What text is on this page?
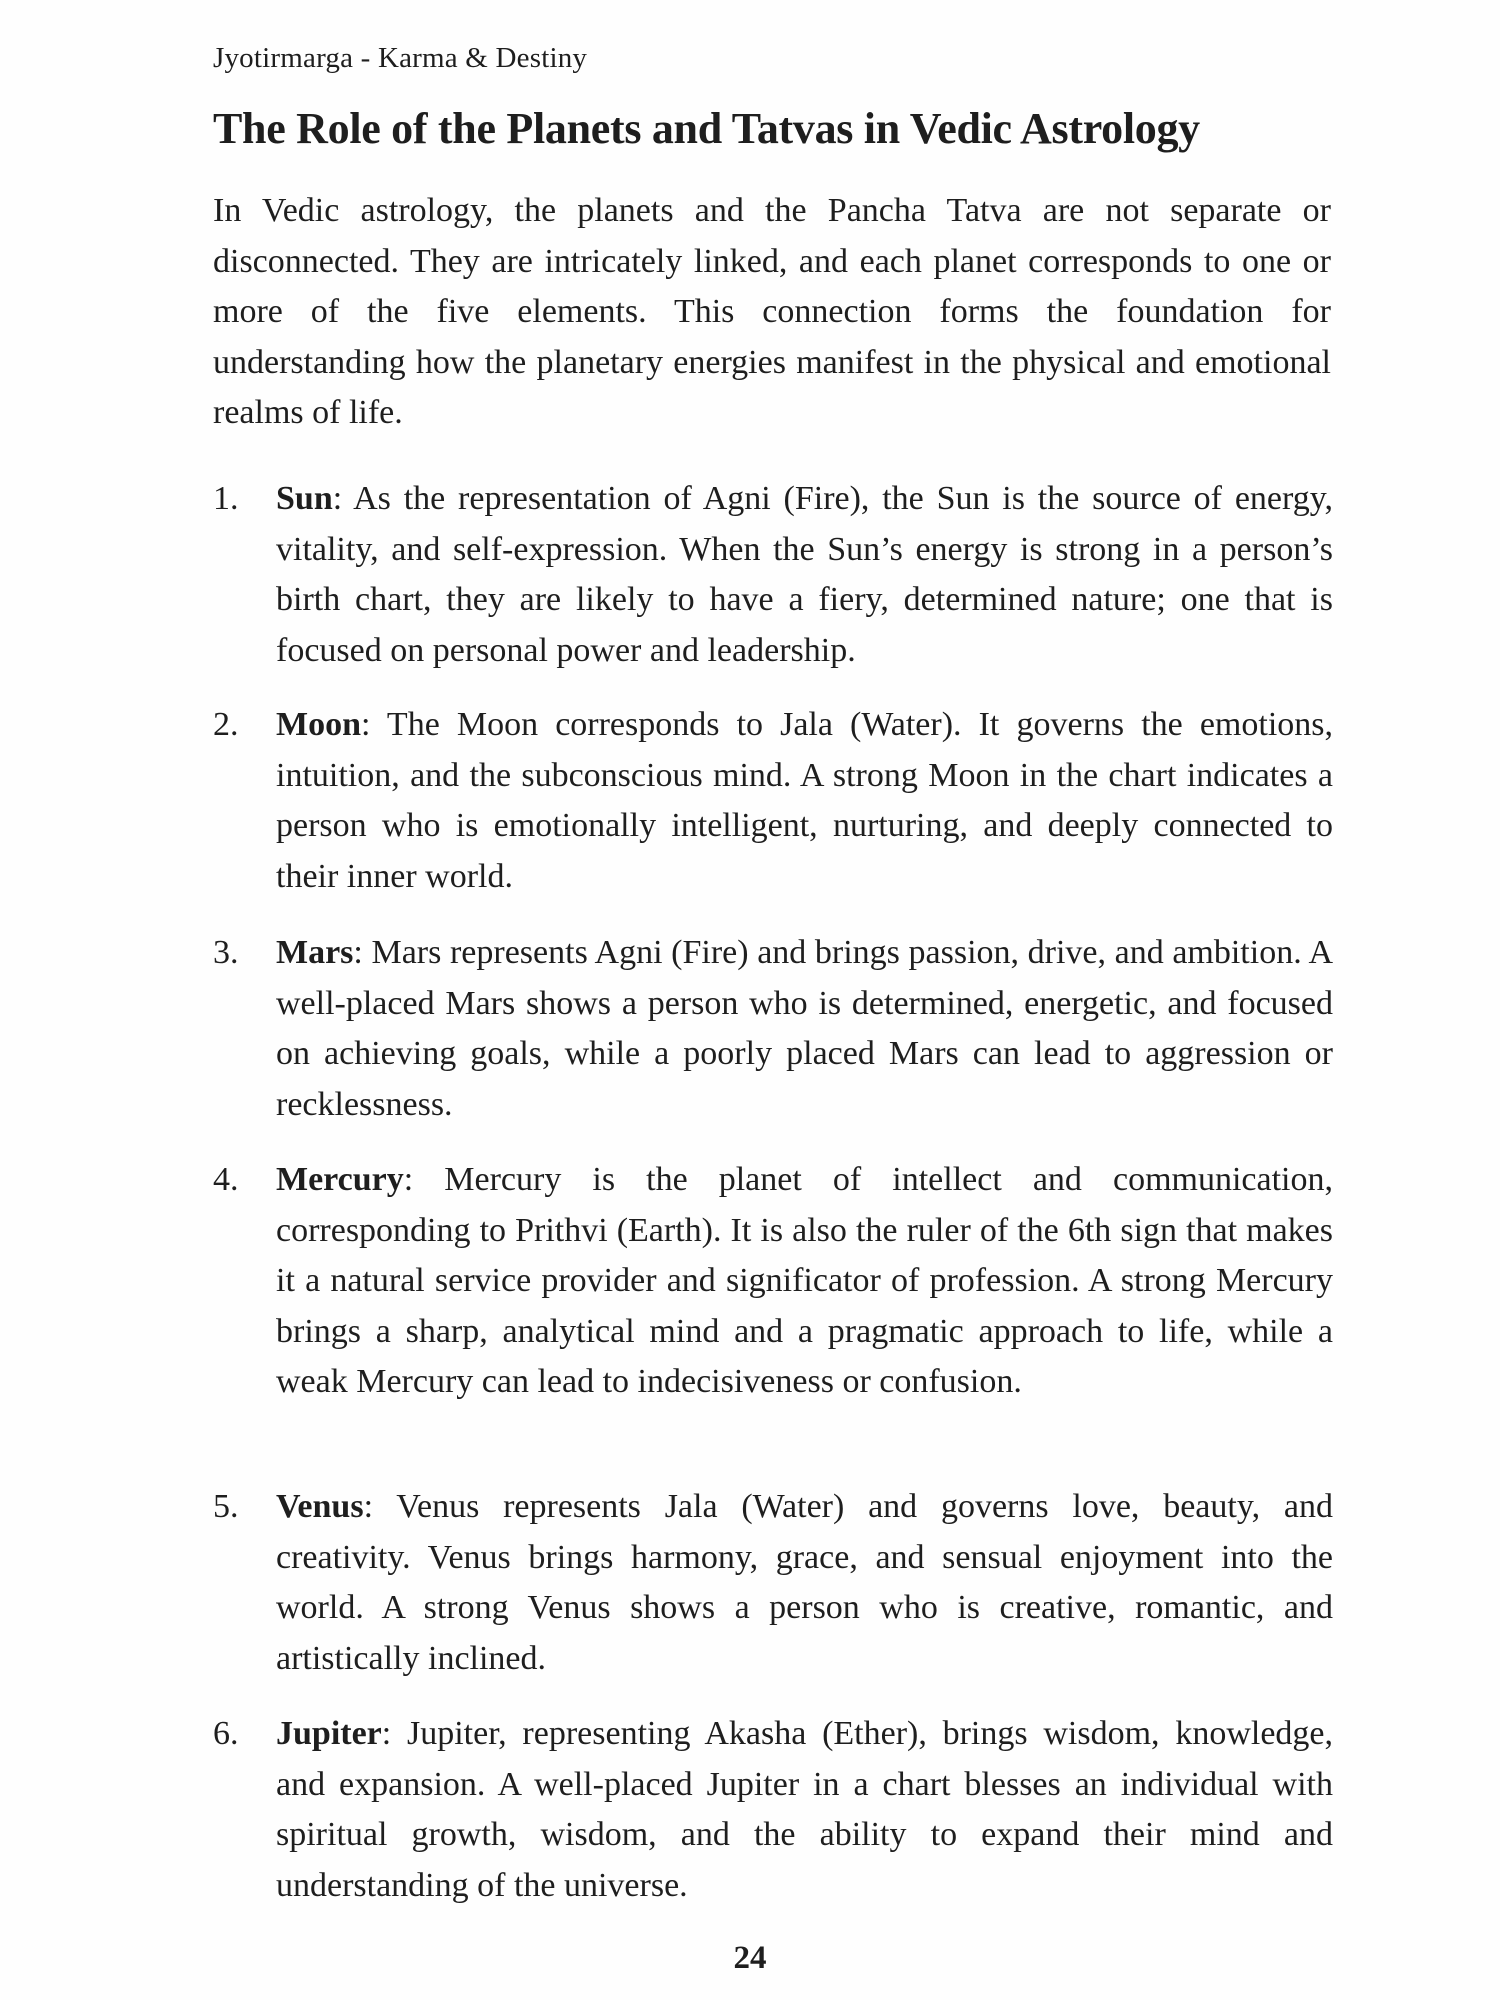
Jyotirmarga - Karma & Destiny
The Role of the Planets and Tatvas in Vedic Astrology

In Vedic astrology, the planets and the Pancha Tatva are not separate or disconnected. They are intricately linked, and each planet corresponds to one or more of the five elements. This connection forms the foundation for understanding how the planetary energies manifest in the physical and emotional realms of life.

1. Sun: As the representation of Agni (Fire), the Sun is the source of energy, vitality, and self-expression. When the Sun’s energy is strong in a person’s birth chart, they are likely to have a fiery, determined nature; one that is focused on personal power and leadership.

2. Moon: The Moon corresponds to Jala (Water). It governs the emotions, intuition, and the subconscious mind. A strong Moon in the chart indicates a person who is emotionally intelligent, nurturing, and deeply connected to their inner world.

3. Mars: Mars represents Agni (Fire) and brings passion, drive, and ambition. A well-placed Mars shows a person who is determined, energetic, and focused on achieving goals, while a poorly placed Mars can lead to aggression or recklessness.

4. Mercury: Mercury is the planet of intellect and communication, corresponding to Prithvi (Earth). It is also the ruler of the 6th sign that makes it a natural service provider and significator of profession. A strong Mercury brings a sharp, analytical mind and a pragmatic approach to life, while a weak Mercury can lead to indecisiveness or confusion.

5. Venus: Venus represents Jala (Water) and governs love, beauty, and creativity. Venus brings harmony, grace, and sensual enjoyment into the world. A strong Venus shows a person who is creative, romantic, and artistically inclined.

6. Jupiter: Jupiter, representing Akasha (Ether), brings wisdom, knowledge, and expansion. A well-placed Jupiter in a chart blesses an individual with spiritual growth, wisdom, and the ability to expand their mind and understanding of the universe.

24
